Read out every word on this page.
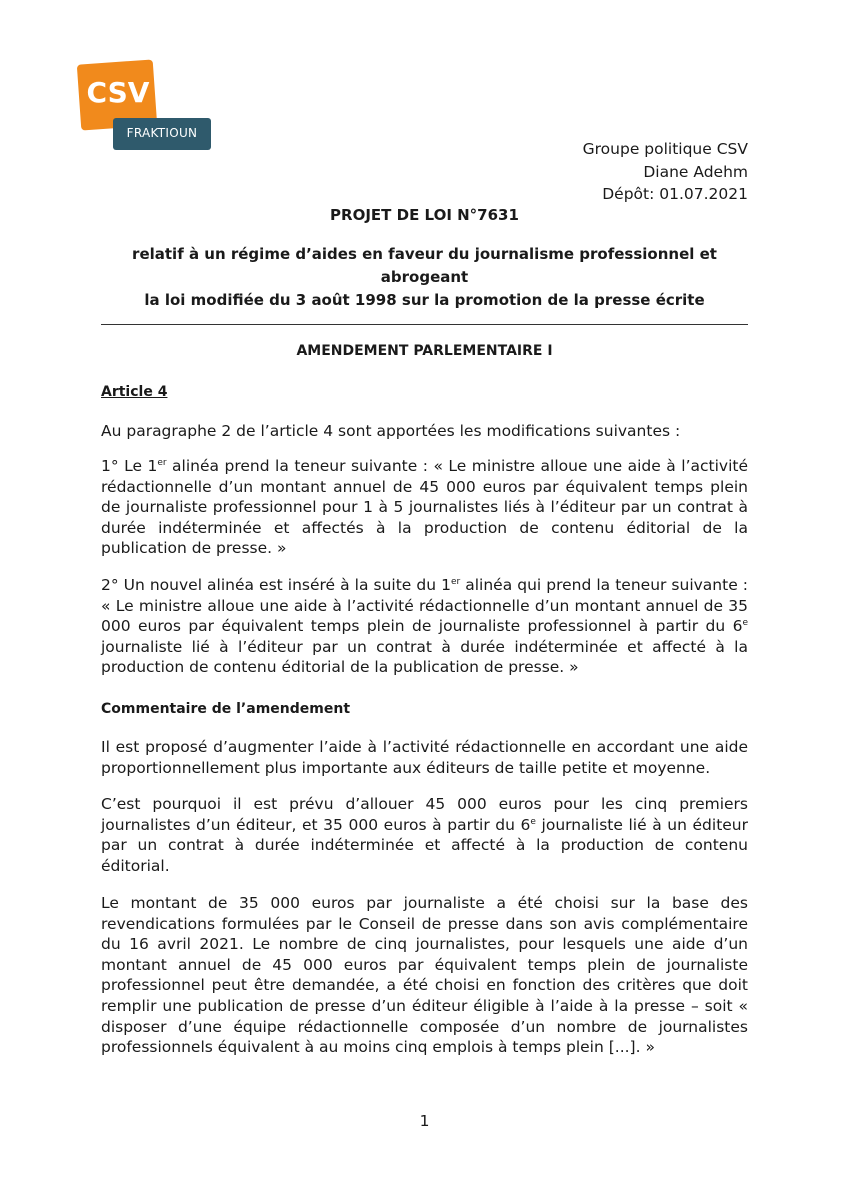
CSV
FRAKTIOUN
Groupe politique CSV
Diane Adehm
Dépôt: 01.07.2021
PROJET DE LOI N°7631
relatif à un régime d’aides en faveur du journalisme professionnel et abrogeant
la loi modifiée du 3 août 1998 sur la promotion de la presse écrite
AMENDEMENT PARLEMENTAIRE I
Article 4
Au paragraphe 2 de l’article 4 sont apportées les modifications suivantes :
1° Le 1er alinéa prend la teneur suivante : « Le ministre alloue une aide à l’activité rédactionnelle d’un montant annuel de 45 000 euros par équivalent temps plein de journaliste professionnel pour 1 à 5 journalistes liés à l’éditeur par un contrat à durée indéterminée et affectés à la production de contenu éditorial de la publication de presse. »
2° Un nouvel alinéa est inséré à la suite du 1er alinéa qui prend la teneur suivante : « Le ministre alloue une aide à l’activité rédactionnelle d’un montant annuel de 35 000 euros par équivalent temps plein de journaliste professionnel à partir du 6e journaliste lié à l’éditeur par un contrat à durée indéterminée et affecté à la production de contenu éditorial de la publication de presse. »
Commentaire de l’amendement
Il est proposé d’augmenter l’aide à l’activité rédactionnelle en accordant une aide proportionnellement plus importante aux éditeurs de taille petite et moyenne.
C’est pourquoi il est prévu d’allouer 45 000 euros pour les cinq premiers journalistes d’un éditeur, et 35 000 euros à partir du 6e journaliste lié à un éditeur par un contrat à durée indéterminée et affecté à la production de contenu éditorial.
Le montant de 35 000 euros par journaliste a été choisi sur la base des revendications formulées par le Conseil de presse dans son avis complémentaire du 16 avril 2021. Le nombre de cinq journalistes, pour lesquels une aide d’un montant annuel de 45 000 euros par équivalent temps plein de journaliste professionnel peut être demandée, a été choisi en fonction des critères que doit remplir une publication de presse d’un éditeur éligible à l’aide à la presse – soit « disposer d’une équipe rédactionnelle composée d’un nombre de journalistes professionnels équivalent à au moins cinq emplois à temps plein [...]. »
1
